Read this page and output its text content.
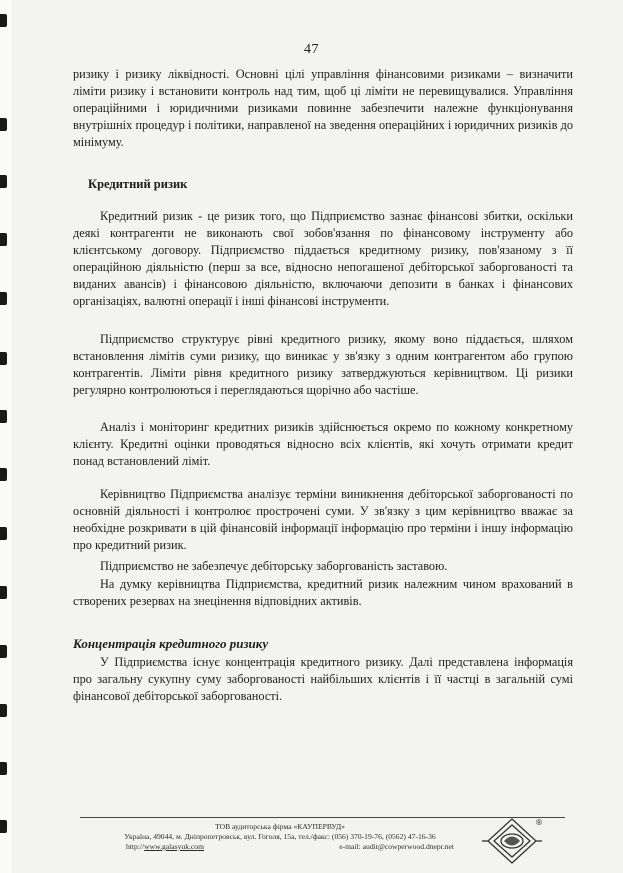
47

ризику і ризику ліквідності. Основні цілі управління фінансовими ризиками – визначити ліміти ризику і встановити контроль над тим, щоб ці ліміти не перевищувалися. Управління операційними і юридичними ризиками повинне забезпечити належне функціонування внутрішніх процедур і політики, направленої на зведення операційних і юридичних ризиків до мінімуму.

Кредитний ризик

Кредитний ризик - це ризик того, що Підприємство зазнає фінансові збитки, оскільки деякі контрагенти не виконають свої зобов'язання по фінансовому інструменту або клієнтському договору. Підприємство піддається кредитному ризику, пов'язаному з її операційною діяльністю (перш за все, відносно непогашеної дебіторської заборгованості та виданих авансів) і фінансовою діяльністю, включаючи депозити в банках і фінансових організаціях, валютні операції і інші фінансові інструменти.

Підприємство структурує рівні кредитного ризику, якому воно піддається, шляхом встановлення лімітів суми ризику, що виникає у зв'язку з одним контрагентом або групою контрагентів. Ліміти рівня кредитного ризику затверджуються керівництвом. Ці ризики регулярно контролюються і переглядаються щорічно або частіше.

Аналіз і моніторинг кредитних ризиків здійснюється окремо по кожному конкретному клієнту. Кредитні оцінки проводяться відносно всіх клієнтів, які хочуть отримати кредит понад встановлений ліміт.

Керівництво Підприємства аналізує терміни виникнення дебіторської заборгованості по основній діяльності і контролює прострочені суми. У зв'язку з цим керівництво вважає за необхідне розкривати в цій фінансовій інформації інформацію про терміни і іншу інформацію про кредитний ризик.

Підприємство не забезпечує дебіторську заборгованість заставою.

На думку керівництва Підприємства, кредитний ризик належним чином врахований в створених резервах на знецінення відповідних активів.

Концентрація кредитного ризику

У Підприємства існує концентрація кредитного ризику. Далі представлена інформація про загальну сукупну суму заборгованості найбільших клієнтів і її частці в загальній сумі фінансової дебіторської заборгованості.

ТОВ аудиторська фірма «КАУПЕРВУД»
Україна, 49044, м. Дніпропетровськ, вул. Гоголя, 15а, тел./факс: (056) 370-19-76, (0562) 47-16-36
http://www.galasyuk.com	e-mail: audit@cowperwood.dnepr.net
®
